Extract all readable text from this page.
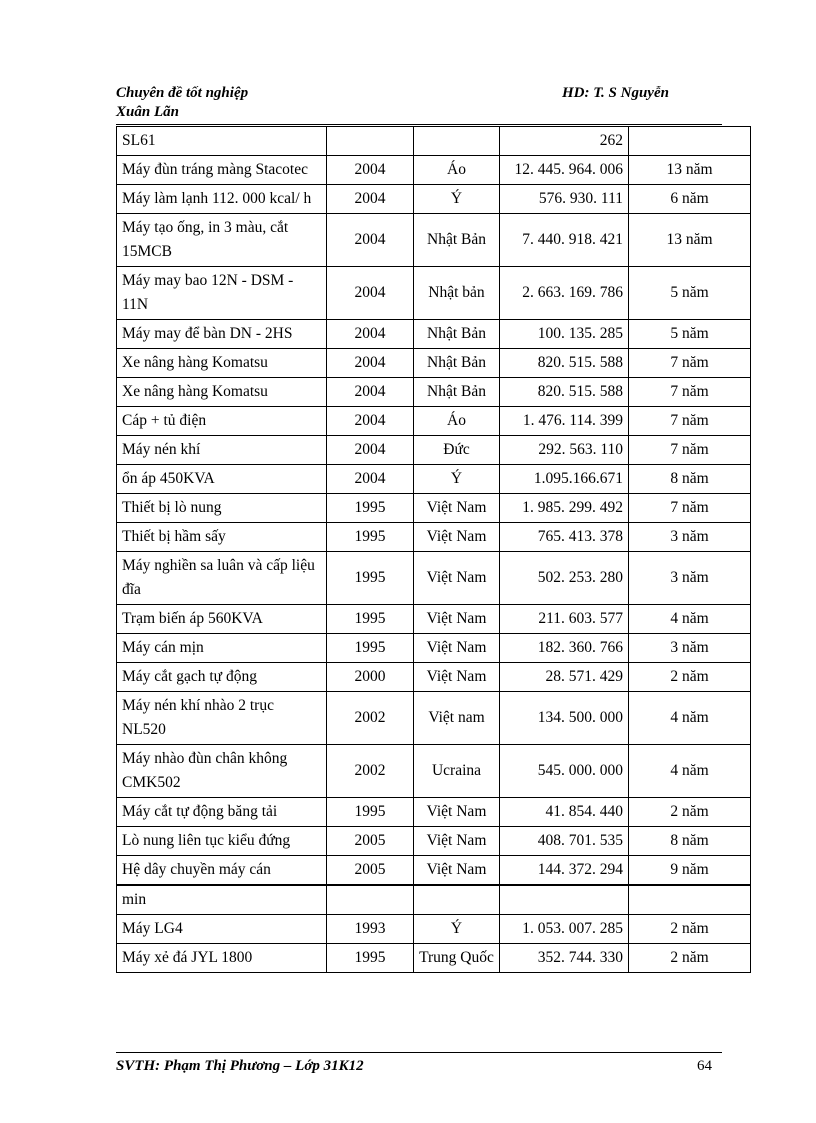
Chuyên đề tốt nghiệp
Xuân Lãn
HD: T. S Nguyễn
SL61			262	
Máy đùn tráng màng Stacotec	2004	Áo	12. 445. 964. 006	13 năm
Máy làm lạnh 112. 000 kcal/ h	2004	Ý	576. 930. 111	6 năm
Máy tạo ống, in 3 màu, cắt 15MCB	2004	Nhật Bản	7. 440. 918. 421	13 năm
Máy may bao 12N - DSM - 11N	2004	Nhật bản	2. 663. 169. 786	5 năm
Máy may để bàn DN - 2HS	2004	Nhật Bản	100. 135. 285	5 năm
Xe nâng hàng Komatsu	2004	Nhật Bản	820. 515. 588	7 năm
Xe nâng hàng Komatsu	2004	Nhật Bản	820. 515. 588	7 năm
Cáp + tủ điện	2004	Áo	1. 476. 114. 399	7 năm
Máy nén khí	2004	Đức	292. 563. 110	7 năm
ổn áp 450KVA	2004	Ý	1.095.166.671	8 năm
Thiết bị lò nung	1995	Việt Nam	1. 985. 299. 492	7 năm
Thiết bị hầm sấy	1995	Việt Nam	765. 413. 378	3 năm
Máy nghiền sa luân và cấp liệu đĩa	1995	Việt Nam	502. 253. 280	3 năm
Trạm biến áp 560KVA	1995	Việt Nam	211. 603. 577	4 năm
Máy cán mịn	1995	Việt Nam	182. 360. 766	3 năm
Máy cắt gạch tự động	2000	Việt Nam	28. 571. 429	2 năm
Máy nén khí nhào 2 trục NL520	2002	Việt nam	134. 500. 000	4 năm
Máy nhào đùn chân không CMK502	2002	Ucraina	545. 000. 000	4 năm
Máy cắt tự động băng tải	1995	Việt Nam	41. 854. 440	2 năm
Lò nung liên tục kiểu đứng	2005	Việt Nam	408. 701. 535	8 năm
Hệ dây chuyền máy cán	2005	Việt Nam	144. 372. 294	9 năm
min				
Máy LG4	1993	Ý	1. 053. 007. 285	2 năm
Máy xẻ đá JYL 1800	1995	Trung Quốc	352. 744. 330	2 năm
SVTH: Phạm Thị Phương – Lớp 31K12	64
